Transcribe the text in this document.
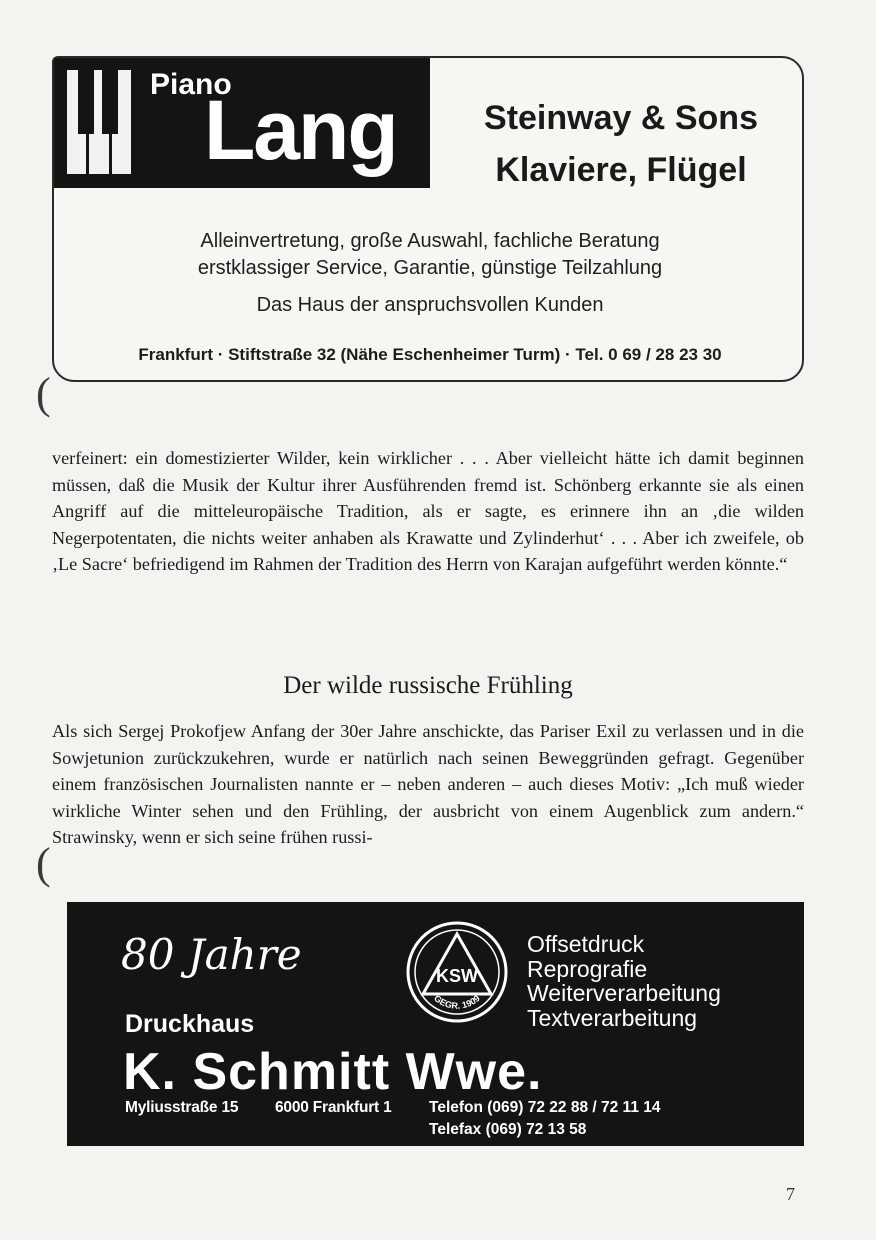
Piano
Lang	Steinway & Sons
Klaviere, Flügel
Alleinvertretung, große Auswahl, fachliche Beratung
erstklassiger Service, Garantie, günstige Teilzahlung
Das Haus der anspruchsvollen Kunden
Frankfurt · Stiftstraße 32 (Nähe Eschenheimer Turm) · Tel. 0 69 / 28 23 30
(
verfeinert: ein domestizierter Wilder, kein wirklicher . . . Aber vielleicht hätte ich damit beginnen müssen, daß die Musik der Kultur ihrer Ausführenden fremd ist. Schönberg erkannte sie als einen Angriff auf die mitteleuropäische Tradition, als er sagte, es erinnere ihn an ‚die wilden Negerpotentaten, die nichts weiter anhaben als Krawatte und Zylinderhut‘ . . . Aber ich zweifele, ob ‚Le Sacre‘ befriedigend im Rahmen der Tradition des Herrn von Karajan aufgeführt werden könnte.“
Der wilde russische Frühling
Als sich Sergej Prokofjew Anfang der 30er Jahre anschickte, das Pariser Exil zu verlassen und in die Sowjetunion zurückzukehren, wurde er natürlich nach seinen Beweggründen gefragt. Gegenüber einem französischen Journalisten nannte er – neben anderen – auch dieses Motiv: „Ich muß wieder wirkliche Winter sehen und den Frühling, der ausbricht von einem Augenblick zum andern.“ Strawinsky, wenn er sich seine frühen russi-
(
80 Jahre
Druckhaus
K. Schmitt Wwe.
KSW
GEGR. 1909
Offsetdruck
Reprografie
Weiterverarbeitung
Textverarbeitung
Myliusstraße 15 6000 Frankfurt 1 Telefon (069) 72 22 88 / 72 11 14
Telefax (069) 72 13 58
7
